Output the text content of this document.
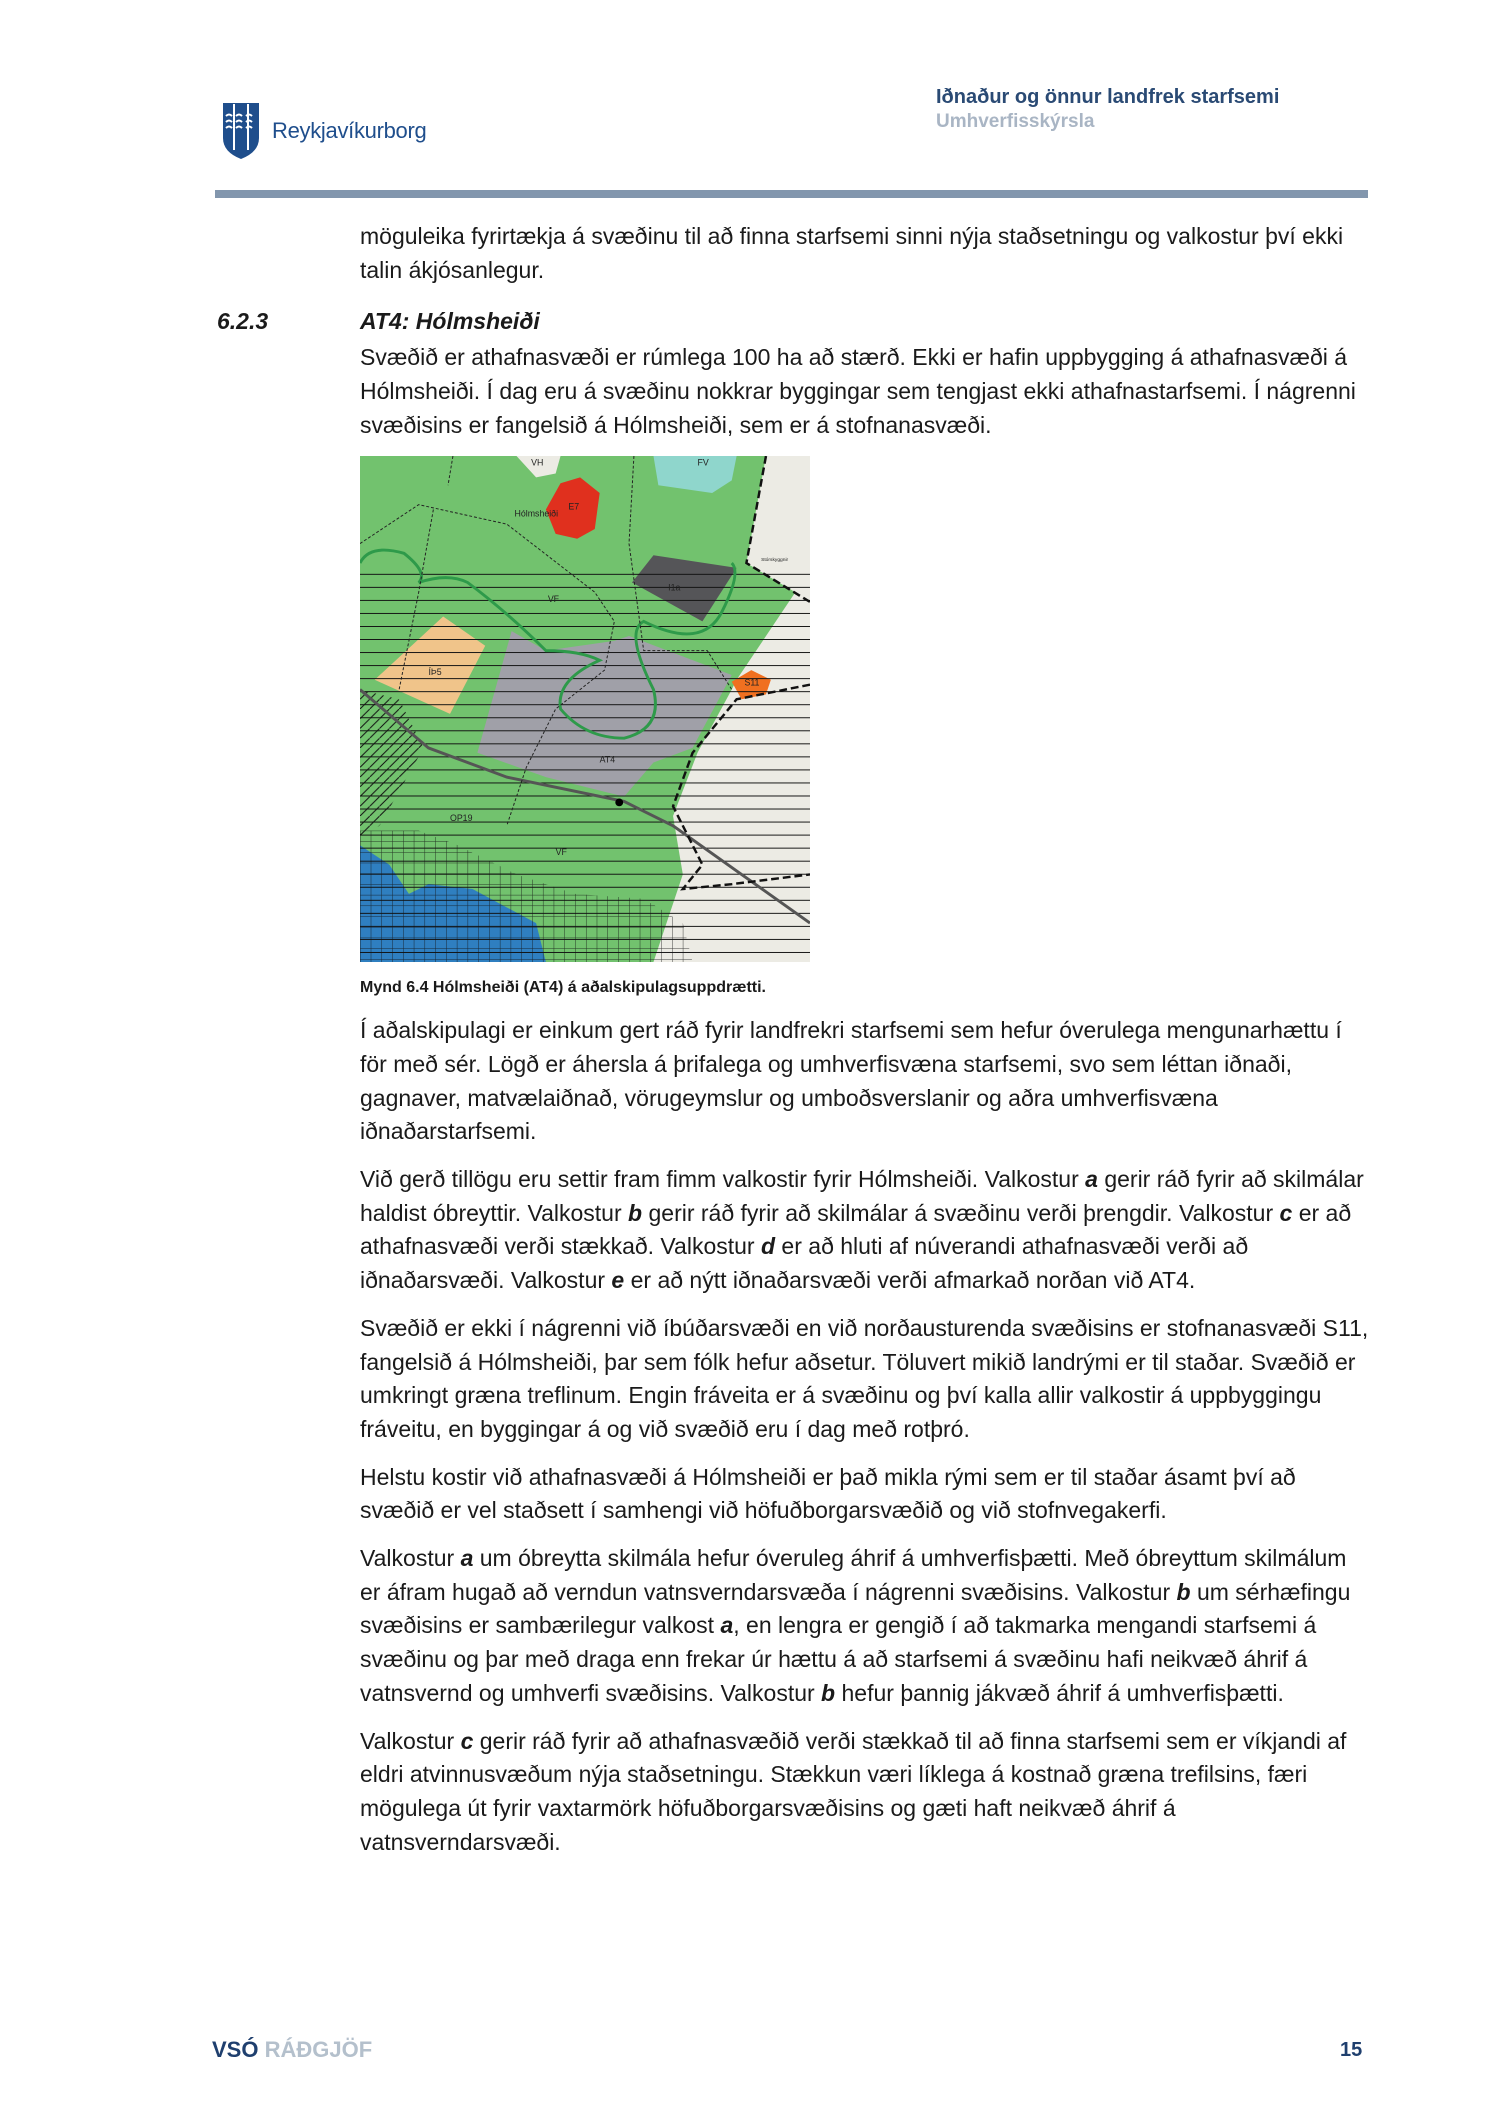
Reykjavíkurborg
Iðnaður og önnur landfrek starfsemi
Umhverfisskýrsla

möguleika fyrirtækja á svæðinu til að finna starfsemi sinni nýja staðsetningu og valkostur því ekki talin ákjósanlegur.

6.2.3	AT4: Hólmsheiði

Svæðið er athafnasvæði er rúmlega 100 ha að stærð. Ekki er hafin uppbygging á athafnasvæði á Hólmsheiði. Í dag eru á svæðinu nokkrar byggingar sem tengjast ekki athafnastarfsemi. Í nágrenni svæðisins er fangelsið á Hólmsheiði, sem er á stofnanasvæði.

VH	FV
E7
Hólmsheiði
Stórskyggnir
I1a
VF
ÍÞ5
S11
AT4
OP19
VF

Mynd 6.4 Hólmsheiði (AT4) á aðalskipulagsuppdrætti.

Í aðalskipulagi er einkum gert ráð fyrir landfrekri starfsemi sem hefur óverulega mengunarhættu í för með sér. Lögð er áhersla á þrifalega og umhverfisvæna starfsemi, svo sem léttan iðnaði, gagnaver, matvælaiðnað, vörugeymslur og umboðsverslanir og aðra umhverfisvæna iðnaðarstarfsemi.

Við gerð tillögu eru settir fram fimm valkostir fyrir Hólmsheiði. Valkostur a gerir ráð fyrir að skilmálar haldist óbreyttir. Valkostur b gerir ráð fyrir að skilmálar á svæðinu verði þrengdir. Valkostur c er að athafnasvæði verði stækkað. Valkostur d er að hluti af núverandi athafnasvæði verði að iðnaðarsvæði. Valkostur e er að nýtt iðnaðarsvæði verði afmarkað norðan við AT4.

Svæðið er ekki í nágrenni við íbúðarsvæði en við norðausturenda svæðisins er stofnanasvæði S11, fangelsið á Hólmsheiði, þar sem fólk hefur aðsetur. Töluvert mikið landrými er til staðar. Svæðið er umkringt græna treflinum. Engin fráveita er á svæðinu og því kalla allir valkostir á uppbyggingu fráveitu, en byggingar á og við svæðið eru í dag með rotþró.

Helstu kostir við athafnasvæði á Hólmsheiði er það mikla rými sem er til staðar ásamt því að svæðið er vel staðsett í samhengi við höfuðborgarsvæðið og við stofnvegakerfi.

Valkostur a um óbreytta skilmála hefur óveruleg áhrif á umhverfisþætti. Með óbreyttum skilmálum er áfram hugað að verndun vatnsverndarsvæða í nágrenni svæðisins. Valkostur b um sérhæfingu svæðisins er sambærilegur valkost a, en lengra er gengið í að takmarka mengandi starfsemi á svæðinu og þar með draga enn frekar úr hættu á að starfsemi á svæðinu hafi neikvæð áhrif á vatnsvernd og umhverfi svæðisins. Valkostur b hefur þannig jákvæð áhrif á umhverfisþætti.

Valkostur c gerir ráð fyrir að athafnasvæðið verði stækkað til að finna starfsemi sem er víkjandi af eldri atvinnusvæðum nýja staðsetningu. Stækkun væri líklega á kostnað græna trefilsins, færi mögulega út fyrir vaxtarmörk höfuðborgarsvæðisins og gæti haft neikvæð áhrif á vatnsverndarsvæði.

VSÓ RÁÐGJÖF	15
